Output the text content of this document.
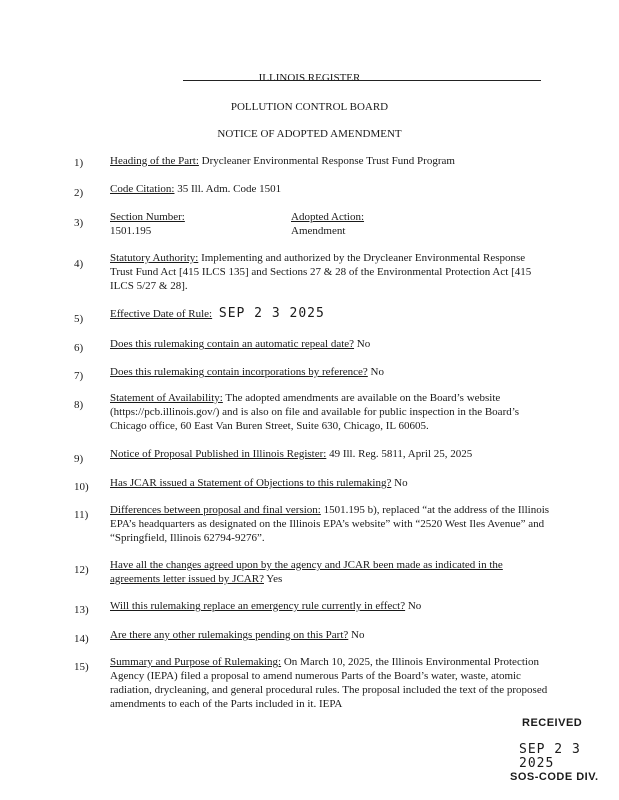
ILLINOIS REGISTER
POLLUTION CONTROL BOARD
NOTICE OF ADOPTED AMENDMENT
1) Heading of the Part: Drycleaner Environmental Response Trust Fund Program
2) Code Citation: 35 Ill. Adm. Code 1501
3) Section Number:
1501.195
Adopted Action:
Amendment
4) Statutory Authority: Implementing and authorized by the Drycleaner Environmental Response Trust Fund Act [415 ILCS 135] and Sections 27 & 28 of the Environmental Protection Act [415 ILCS 5/27 & 28].
5) Effective Date of Rule: SEP 2 3 2025
6) Does this rulemaking contain an automatic repeal date? No
7) Does this rulemaking contain incorporations by reference? No
8)
Statement of Availability: The adopted amendments are available on the Board’s website (https://pcb.illinois.gov/) and is also on file and available for public inspection in the Board’s Chicago office, 60 East Van Buren Street, Suite 630, Chicago, IL 60605.
9) Notice of Proposal Published in Illinois Register: 49 Ill. Reg. 5811, April 25, 2025
10) Has JCAR issued a Statement of Objections to this rulemaking? No
11) Differences between proposal and final version: 1501.195 b), replaced “at the address of the Illinois EPA’s headquarters as designated on the Illinois EPA’s website” with “2520 West Iles Avenue” and “Springfield, Illinois 62794-9276”.
12) Have all the changes agreed upon by the agency and JCAR been made as indicated in the agreements letter issued by JCAR? Yes
13) Will this rulemaking replace an emergency rule currently in effect? No
14) Are there any other rulemakings pending on this Part? No
15) Summary and Purpose of Rulemaking: On March 10, 2025, the Illinois Environmental Protection Agency (IEPA) filed a proposal to amend numerous Parts of the Board’s water, waste, atomic radiation, drycleaning, and general procedural rules. The proposal included the text of the proposed amendments to each of the Parts included in it. IEPA
RECEIVED
SEP 2 3 2025
SOS-CODE DIV.
